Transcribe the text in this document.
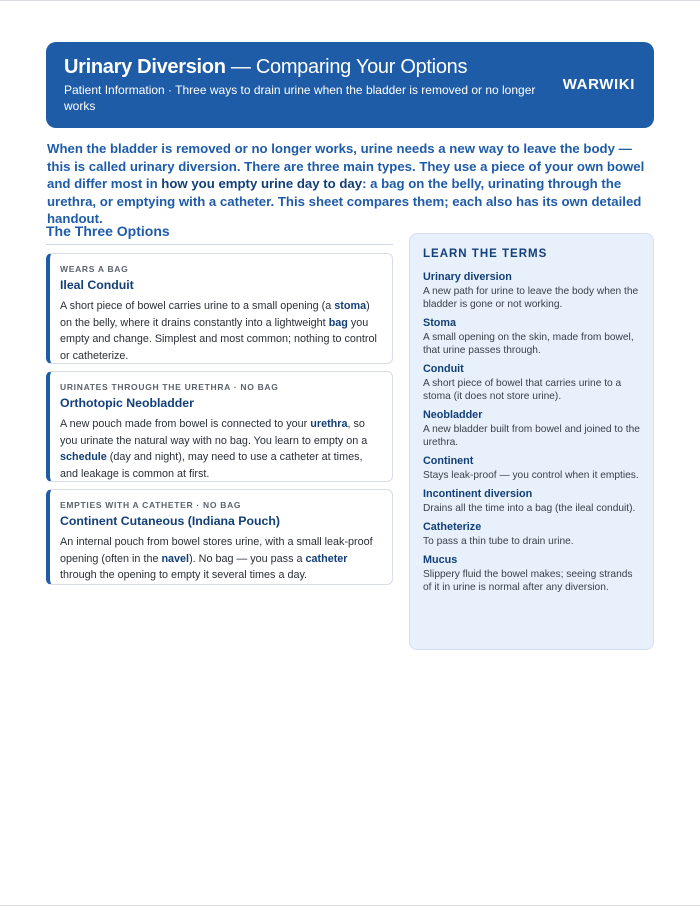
Urinary Diversion — Comparing Your Options
Patient Information · Three ways to drain urine when the bladder is removed or no longer works
WARWIKI

When the bladder is removed or no longer works, urine needs a new way to leave the body — this is called urinary diversion. There are three main types. They use a piece of your own bowel and differ most in how you empty urine day to day: a bag on the belly, urinating through the urethra, or emptying with a catheter. This sheet compares them; each also has its own detailed handout.

The Three Options
WEARS A BAG
Ileal Conduit
A short piece of bowel carries urine to a small opening (a stoma) on the belly, where it drains constantly into a lightweight bag you empty and change. Simplest and most common; nothing to control or catheterize.
URINATES THROUGH THE URETHRA · NO BAG
Orthotopic Neobladder
A new pouch made from bowel is connected to your urethra, so you urinate the natural way with no bag. You learn to empty on a schedule (day and night), may need to use a catheter at times, and leakage is common at first.
EMPTIES WITH A CATHETER · NO BAG
Continent Cutaneous (Indiana Pouch)
An internal pouch from bowel stores urine, with a small leak-proof opening (often in the navel). No bag — you pass a catheter through the opening to empty it several times a day.
LEARN THE TERMS
Urinary diversion
A new path for urine to leave the body when the bladder is gone or not working.
Stoma
A small opening on the skin, made from bowel, that urine passes through.
Conduit
A short piece of bowel that carries urine to a stoma (it does not store urine).
Neobladder
A new bladder built from bowel and joined to the urethra.
Continent
Stays leak-proof — you control when it empties.
Incontinent diversion
Drains all the time into a bag (the ileal conduit).
Catheterize
To pass a thin tube to drain urine.
Mucus
Slippery fluid the bowel makes; seeing strands of it in urine is normal after any diversion.
